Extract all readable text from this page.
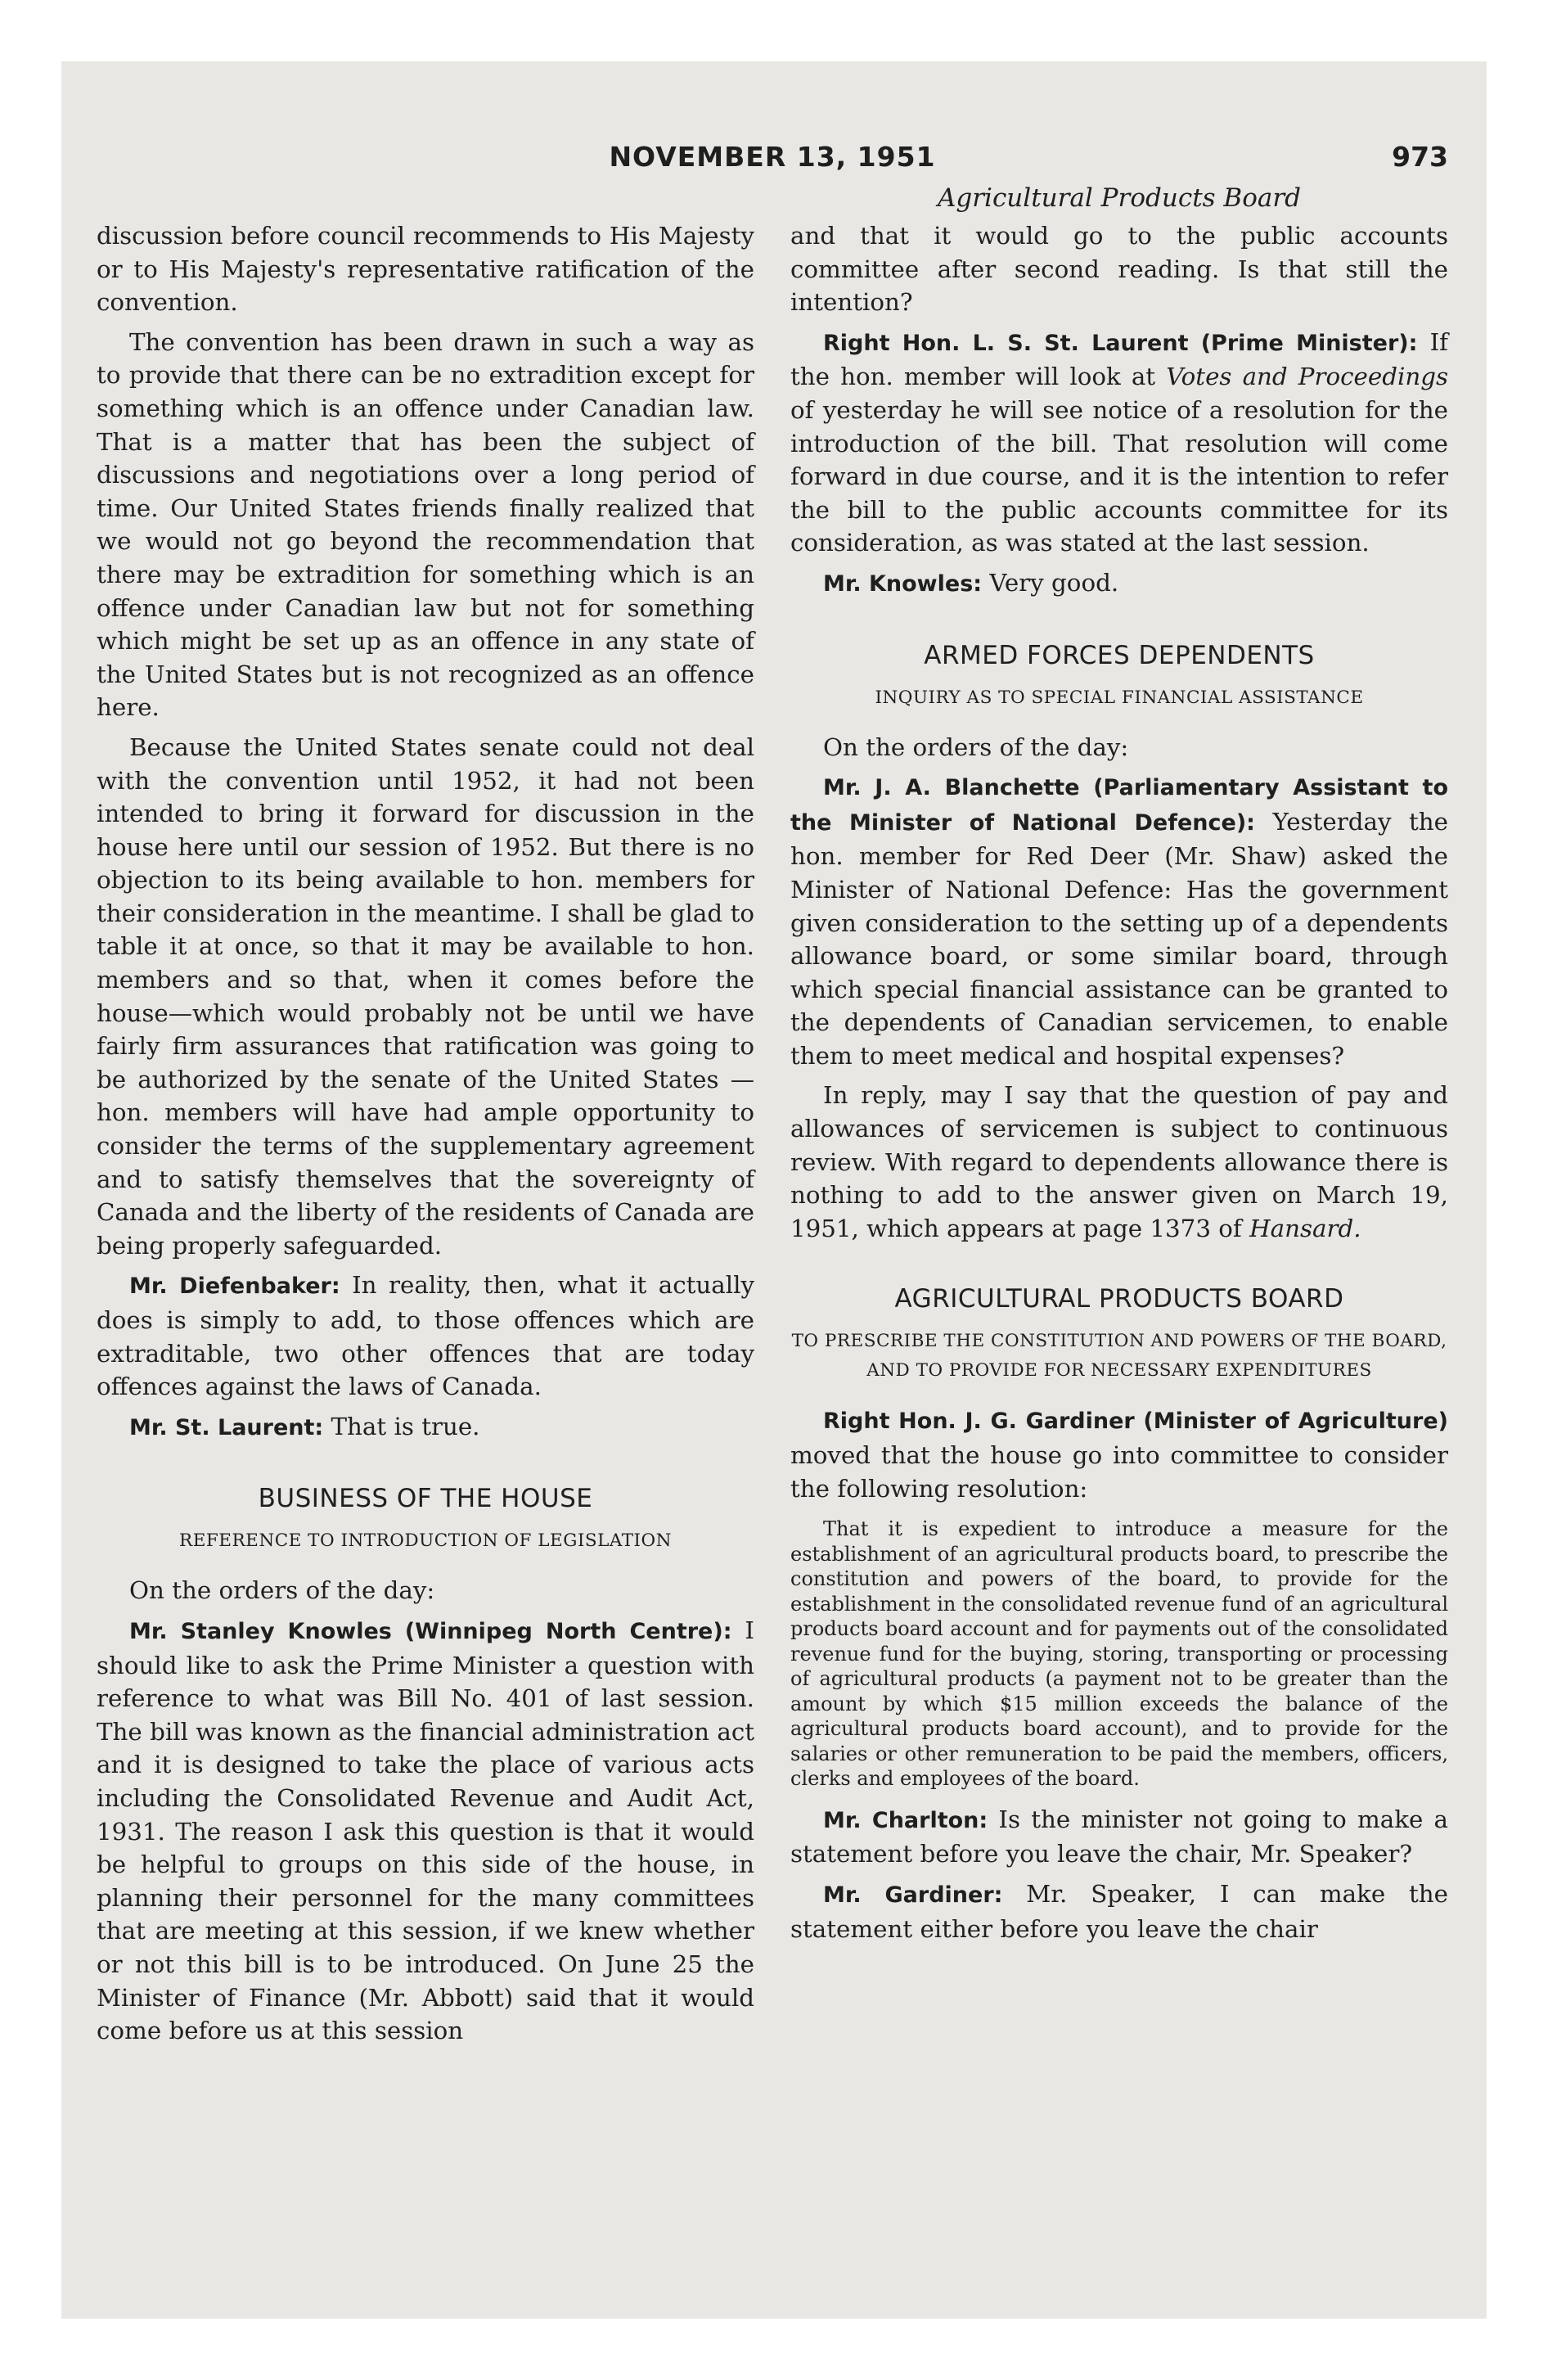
NOVEMBER 13, 1951	973
Agricultural Products Board

discussion before council recommends to His Majesty or to His Majesty's representative ratification of the convention.

The convention has been drawn in such a way as to provide that there can be no extradition except for something which is an offence under Canadian law. That is a matter that has been the subject of discussions and negotiations over a long period of time. Our United States friends finally realized that we would not go beyond the recommendation that there may be extradition for something which is an offence under Canadian law but not for something which might be set up as an offence in any state of the United States but is not recognized as an offence here.

Because the United States senate could not deal with the convention until 1952, it had not been intended to bring it forward for discussion in the house here until our session of 1952. But there is no objection to its being available to hon. members for their consideration in the meantime. I shall be glad to table it at once, so that it may be available to hon. members and so that, when it comes before the house—which would probably not be until we have fairly firm assurances that ratification was going to be authorized by the senate of the United States —hon. members will have had ample opportunity to consider the terms of the supplementary agreement and to satisfy themselves that the sovereignty of Canada and the liberty of the residents of Canada are being properly safeguarded.

Mr. Diefenbaker: In reality, then, what it actually does is simply to add, to those offences which are extraditable, two other offences that are today offences against the laws of Canada.

Mr. St. Laurent: That is true.

BUSINESS OF THE HOUSE
REFERENCE TO INTRODUCTION OF LEGISLATION

On the orders of the day:

Mr. Stanley Knowles (Winnipeg North Centre): I should like to ask the Prime Minister a question with reference to what was Bill No. 401 of last session. The bill was known as the financial administration act and it is designed to take the place of various acts including the Consolidated Revenue and Audit Act, 1931. The reason I ask this question is that it would be helpful to groups on this side of the house, in planning their personnel for the many committees that are meeting at this session, if we knew whether or not this bill is to be introduced. On June 25 the Minister of Finance (Mr. Abbott) said that it would come before us at this session

and that it would go to the public accounts committee after second reading. Is that still the intention?

Right Hon. L. S. St. Laurent (Prime Minister): If the hon. member will look at Votes and Proceedings of yesterday he will see notice of a resolution for the introduction of the bill. That resolution will come forward in due course, and it is the intention to refer the bill to the public accounts committee for its consideration, as was stated at the last session.

Mr. Knowles: Very good.

ARMED FORCES DEPENDENTS
INQUIRY AS TO SPECIAL FINANCIAL ASSISTANCE

On the orders of the day:

Mr. J. A. Blanchette (Parliamentary Assistant to the Minister of National Defence): Yesterday the hon. member for Red Deer (Mr. Shaw) asked the Minister of National Defence: Has the government given consideration to the setting up of a dependents allowance board, or some similar board, through which special financial assistance can be granted to the dependents of Canadian servicemen, to enable them to meet medical and hospital expenses?

In reply, may I say that the question of pay and allowances of servicemen is subject to continuous review. With regard to dependents allowance there is nothing to add to the answer given on March 19, 1951, which appears at page 1373 of Hansard.

AGRICULTURAL PRODUCTS BOARD
TO PRESCRIBE THE CONSTITUTION AND POWERS OF THE BOARD, AND TO PROVIDE FOR NECESSARY EXPENDITURES

Right Hon. J. G. Gardiner (Minister of Agriculture) moved that the house go into committee to consider the following resolution:

That it is expedient to introduce a measure for the establishment of an agricultural products board, to prescribe the constitution and powers of the board, to provide for the establishment in the consolidated revenue fund of an agricultural products board account and for payments out of the consolidated revenue fund for the buying, storing, transporting or processing of agricultural products (a payment not to be greater than the amount by which $15 million exceeds the balance of the agricultural products board account), and to provide for the salaries or other remuneration to be paid the members, officers, clerks and employees of the board.

Mr. Charlton: Is the minister not going to make a statement before you leave the chair, Mr. Speaker?

Mr. Gardiner: Mr. Speaker, I can make the statement either before you leave the chair
